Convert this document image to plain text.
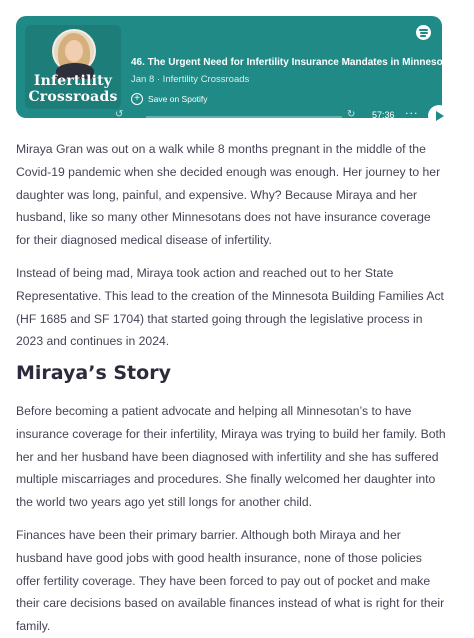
Infertility
Crossroads
46. The Urgent Need for Infertility Insurance Mandates in Minnesota with
Jan 8 · Infertility Crossroads
+ Save on Spotify
↺	↻ 57:36 ···

Miraya Gran was out on a walk while 8 months pregnant in the middle of the Covid-19 pandemic when she decided enough was enough. Her journey to her daughter was long, painful, and expensive. Why? Because Miraya and her husband, like so many other Minnesotans does not have insurance coverage for their diagnosed medical disease of infertility.

Instead of being mad, Miraya took action and reached out to her State Representative. This lead to the creation of the Minnesota Building Families Act (HF 1685 and SF 1704) that started going through the legislative process in 2023 and continues in 2024.

Miraya’s Story

Before becoming a patient advocate and helping all Minnesotan’s to have insurance coverage for their infertility, Miraya was trying to build her family. Both her and her husband have been diagnosed with infertility and she has suffered multiple miscarriages and procedures. She finally welcomed her daughter into the world two years ago yet still longs for another child.

Finances have been their primary barrier. Although both Miraya and her husband have good jobs with good health insurance, none of those policies offer fertility coverage. They have been forced to pay out of pocket and make their care decisions based on available finances instead of what is right for their family.
